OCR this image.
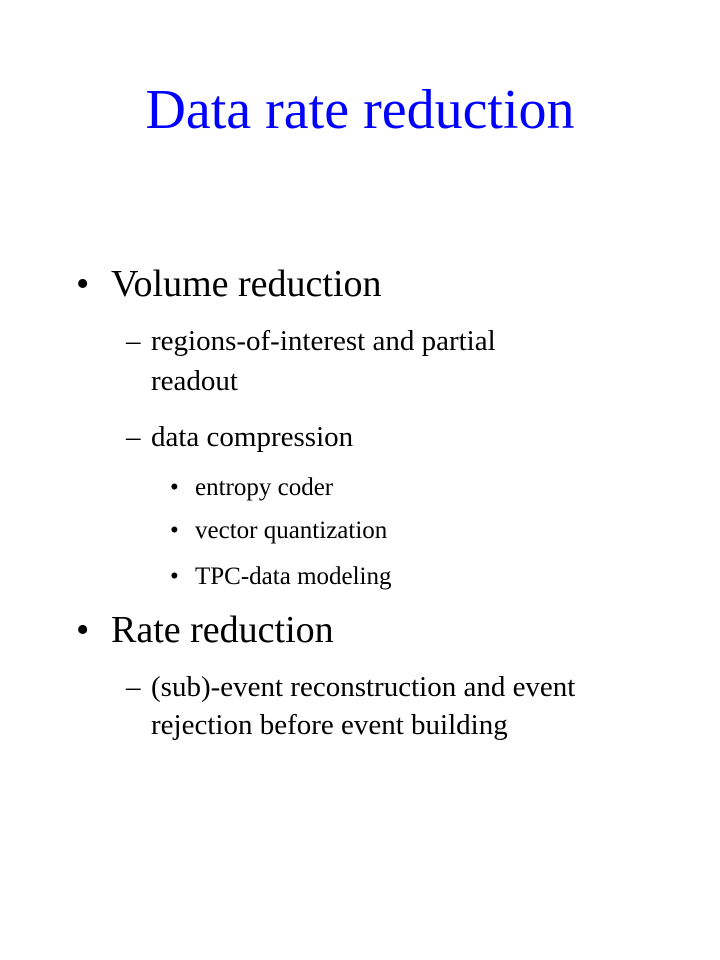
Data rate reduction
• Volume reduction
– regions-of-interest and partial
readout
– data compression
• entropy coder
• vector quantization
• TPC-data modeling
• Rate reduction
– (sub)-event reconstruction and event
rejection before event building
